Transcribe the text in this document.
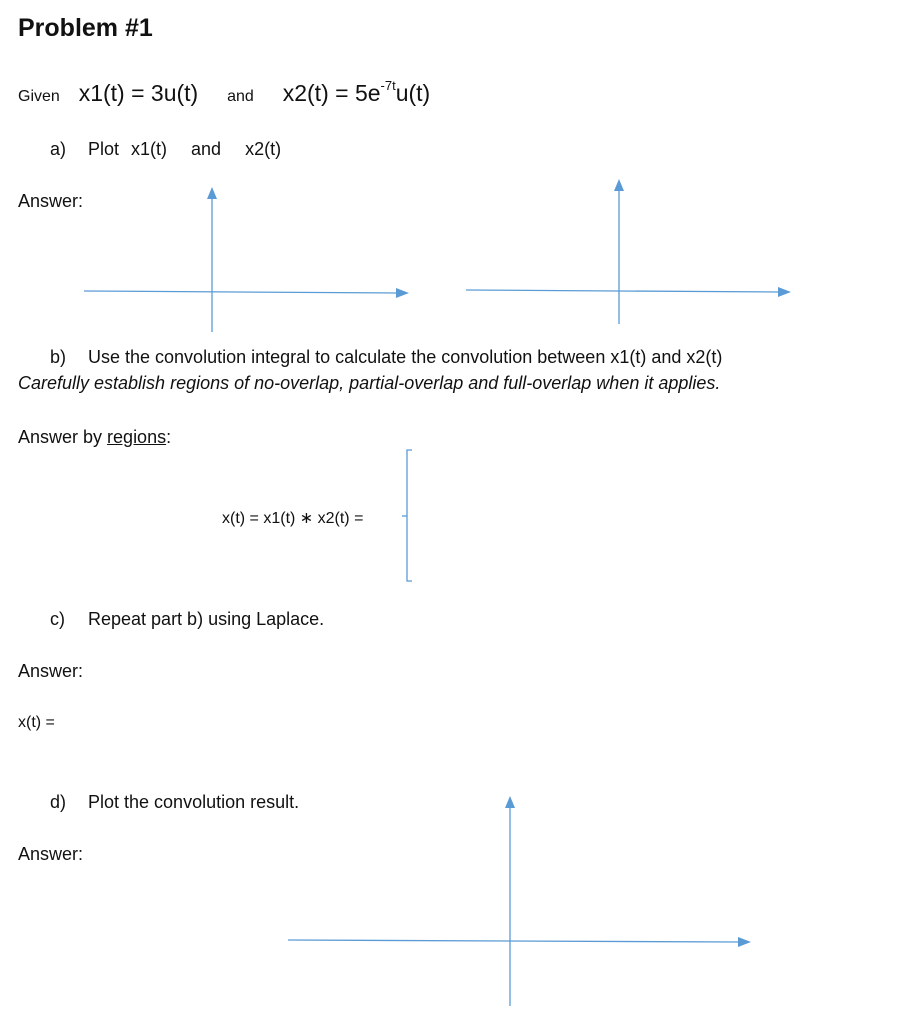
Problem #1
Given x1(t) = 3u(t) and $x2(t) = 5e^{-7t}u(t)$
a) Plot x1(t) and x2(t)
Answer:
b) Use the convolution integral to calculate the convolution between x1(t) and x2(t)
Carefully establish regions of no-overlap, partial-overlap and full-overlap when it applies.
Answer by regions:
x(t) = x1(t) ∗ x2(t) =
c) Repeat part b) using Laplace.
Answer:
x(t) =
d) Plot the convolution result.
Answer:
